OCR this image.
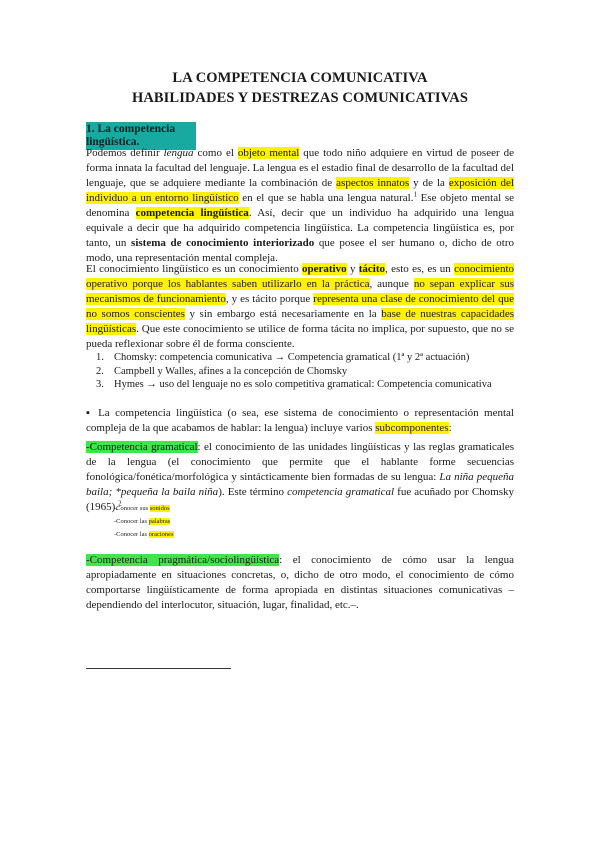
LA COMPETENCIA COMUNICATIVA
HABILIDADES Y DESTREZAS COMUNICATIVAS
1. La competencia lingüística.
Podemos definir lengua como el objeto mental que todo niño adquiere en virtud de poseer de forma innata la facultad del lenguaje. La lengua es el estadio final de desarrollo de la facultad del lenguaje, que se adquiere mediante la combinación de aspectos innatos y de la exposición del individuo a un entorno lingüístico en el que se habla una lengua natural.$^1$ Ese objeto mental se denomina competencia lingüística. Así, decir que un individuo ha adquirido una lengua equivale a decir que ha adquirido competencia lingüística. La competencia lingüística es, por tanto, un sistema de conocimiento interiorizado que posee el ser humano o, dicho de otro modo, una representación mental compleja.
El conocimiento lingüístico es un conocimiento operativo y tácito, esto es, es un conocimiento operativo porque los hablantes saben utilizarlo en la práctica, aunque no sepan explicar sus mecanismos de funcionamiento, y es tácito porque representa una clase de conocimiento del que no somos conscientes y sin embargo está necesariamente en la base de nuestras capacidades lingüísticas. Que este conocimiento se utilice de forma tácita no implica, por supuesto, que no se pueda reflexionar sobre él de forma consciente.
1. Chomsky: competencia comunicativa → Competencia gramatical (1ª y 2ª actuación)
2. Campbell y Walles, afines a la concepción de Chomsky
3. Hymes → uso del lenguaje no es solo competitiva gramatical: Competencia comunicativa
▪ La competencia lingüística (o sea, ese sistema de conocimiento o representación mental compleja de la que acabamos de hablar: la lengua) incluye varios subcomponentes:
-Competencia gramatical: el conocimiento de las unidades lingüísticas y las reglas gramaticales de la lengua (el conocimiento que permite que el hablante forme secuencias fonológica/fonética/morfológica y sintácticamente bien formadas de su lengua: La niña pequeña baila; *pequeña la baila niña). Este término competencia gramatical fue acuñado por Chomsky (1965).$^2$
-Conocer sus sonidos
-Conocer las palabras
-Conocer las oraciones
-Competencia pragmática/sociolingüística: el conocimiento de cómo usar la lengua apropiadamente en situaciones concretas, o, dicho de otro modo, el conocimiento de cómo comportarse lingüísticamente de forma apropiada en distintas situaciones comunicativas –dependiendo del interlocutor, situación, lugar, finalidad, etc.–.
